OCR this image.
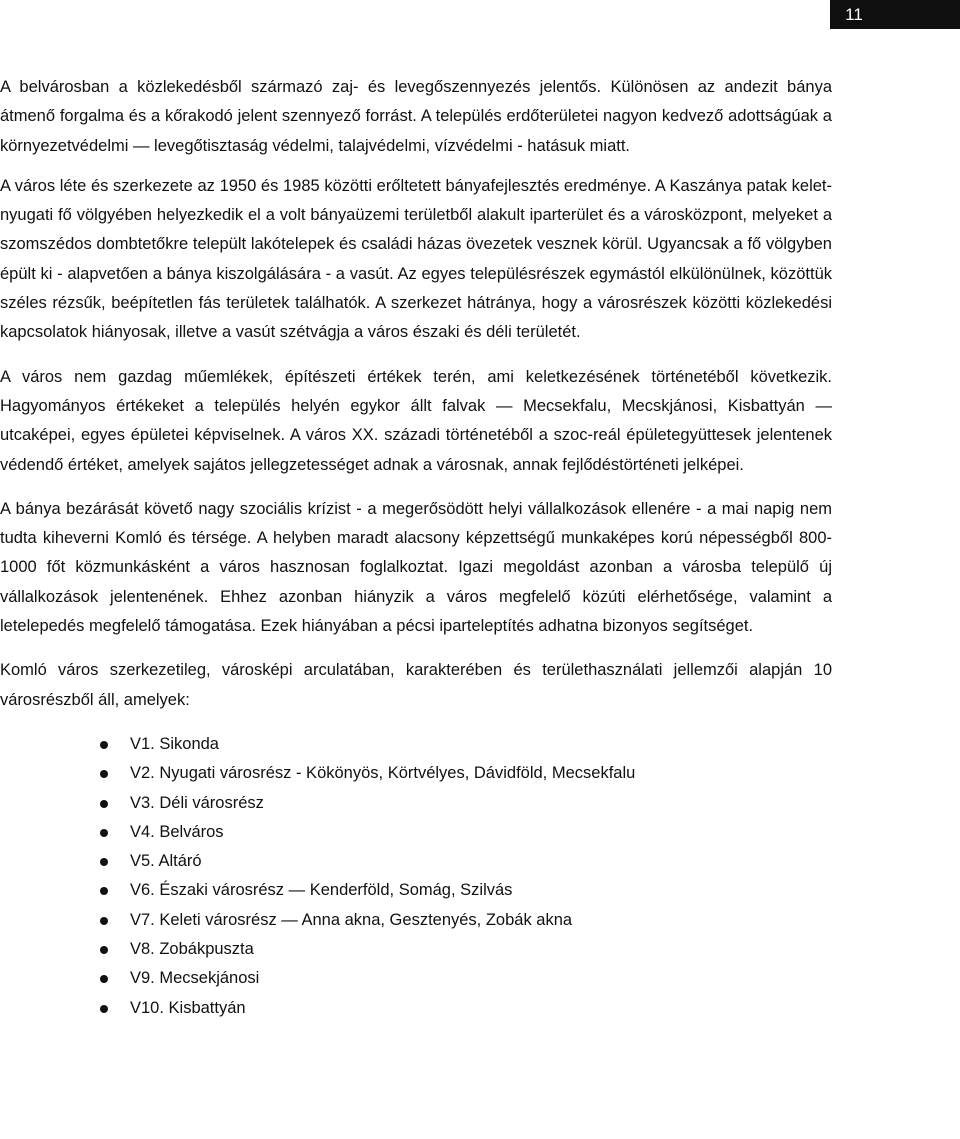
11

A belvárosban a közlekedésből származó zaj- és levegőszennyezés jelentős. Különösen az andezit bánya átmenő forgalma és a kőrakodó jelent szennyező forrást. A település erdőterületei nagyon kedvező adottságúak a környezetvédelmi ― levegőtisztaság védelmi, talajvédelmi, vízvédelmi - hatásuk miatt.

A város léte és szerkezete az 1950 és 1985 közötti erőltetett bányafejlesztés eredménye. A Kaszánya patak kelet-nyugati fő völgyében helyezkedik el a volt bányaüzemi területből alakult iparterület és a városközpont, melyeket a szomszédos dombtetőkre települt lakótelepek és családi házas övezetek vesznek körül. Ugyancsak a fő völgyben épült ki - alapvetően a bánya kiszolgálására - a vasút. Az egyes településrészek egymástól elkülönülnek, közöttük széles rézsűk, beépítetlen fás területek találhatók. A szerkezet hátránya, hogy a városrészek közötti közlekedési kapcsolatok hiányosak, illetve a vasút szétvágja a város északi és déli területét.

A város nem gazdag műemlékek, építészeti értékek terén, ami keletkezésének történetéből következik. Hagyományos értékeket a település helyén egykor állt falvak ― Mecsekfalu, Mecskjánosi, Kisbattyán ― utcaképei, egyes épületei képviselnek. A város XX. századi történetéből a szoc-reál épületegyüttesek jelentenek védendő értéket, amelyek sajátos jellegzetességet adnak a városnak, annak fejlődéstörténeti jelképei.

A bánya bezárását követő nagy szociális krízist - a megerősödött helyi vállalkozások ellenére - a mai napig nem tudta kiheverni Komló és térsége. A helyben maradt alacsony képzettségű munkaképes korú népességből 800-1000 főt közmunkásként a város hasznosan foglalkoztat. Igazi megoldást azonban a városba települő új vállalkozások jelentenének. Ehhez azonban hiányzik a város megfelelő közúti elérhetősége, valamint a letelepedés megfelelő támogatása. Ezek hiányában a pécsi iparteleptítés adhatna bizonyos segítséget.

Komló város szerkezetileg, városképi arculatában, karakterében és területhasználati jellemzői alapján 10 városrészből áll, amelyek:

V1. Sikonda
V2. Nyugati városrész - Kökönyös, Körtvélyes, Dávidföld, Mecsekfalu
V3. Déli városrész
V4. Belváros
V5. Altáró
V6. Északi városrész ― Kenderföld, Somág, Szilvás
V7. Keleti városrész ― Anna akna, Gesztenyés, Zobák akna
V8. Zobákpuszta
V9. Mecsekjánosi
V10. Kisbattyán
